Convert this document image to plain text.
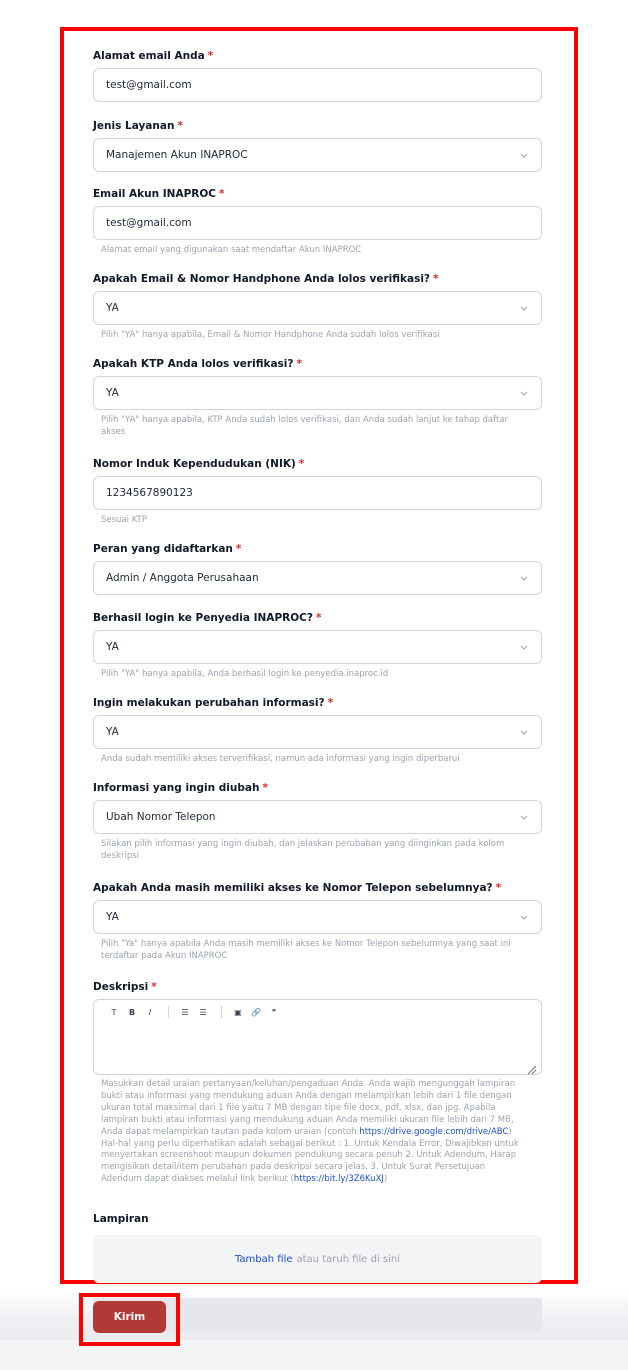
Alamat email Anda *
test@gmail.com
Jenis Layanan *
Manajemen Akun INAPROC
Email Akun INAPROC *
test@gmail.com
Alamat email yang digunakan saat mendaftar Akun INAPROC
Apakah Email & Nomor Handphone Anda lolos verifikasi? *
YA
Pilih "YA" hanya apabila, Email & Nomor Handphone Anda sudah lolos verifikasi
Apakah KTP Anda lolos verifikasi? *
YA
Pilih "YA" hanya apabila, KTP Anda sudah lolos verifikasi, dan Anda sudah lanjut ke tahap daftar
akses
Nomor Induk Kependudukan (NIK) *
1234567890123
Sesuai KTP
Peran yang didaftarkan *
Admin / Anggota Perusahaan
Berhasil login ke Penyedia INAPROC? *
YA
Pilih "YA" hanya apabila, Anda berhasil login ke penyedia.inaproc.id
Ingin melakukan perubahan informasi? *
YA
Anda sudah memiliki akses terverifikasi, namun ada informasi yang ingin diperbarui
Informasi yang ingin diubah *
Ubah Nomor Telepon
Silakan pilih informasi yang ingin diubah, dan jelaskan perubahan yang diinginkan pada kolom
deskripsi
Apakah Anda masih memiliki akses ke Nomor Telepon sebelumnya? *
YA
Pilih "Ya" hanya apabila Anda masih memiliki akses ke Nomor Telepon sebelumnya yang saat ini
terdaftar pada Akun INAPROC
Deskripsi *
T	B	I	☰	☰	▣	🔗	❞
Masukkan detail uraian pertanyaan/keluhan/pengaduan Anda. Anda wajib mengunggah lampiran
bukti atau informasi yang mendukung aduan Anda dengan melampirkan lebih dari 1 file dengan
ukuran total maksimal dari 1 file yaitu 7 MB dengan tipe file docx, pdf, xlsx, dan jpg. Apabila
lampiran bukti atau informasi yang mendukung aduan Anda memiliki ukuran file lebih dari 7 MB,
Anda dapat melampirkan tautan pada kolom uraian (contoh:https://drive.google.com/drive/ABC)
Hal-hal yang perlu diperhatikan adalah sebagai berikut : 1. Untuk Kendala Error, Diwajibkan untuk
menyertakan screenshoot maupun dokumen pendukung secara penuh 2. Untuk Adendum, Harap
mengisikan detail/item perubahan pada deskripsi secara jelas. 3. Untuk Surat Persetujuan
Adendum dapat diakses melalui link berikut (https://bit.ly/3Z6KuXJ)
Lampiran
Tambah file atau taruh file di sini
Kirim
